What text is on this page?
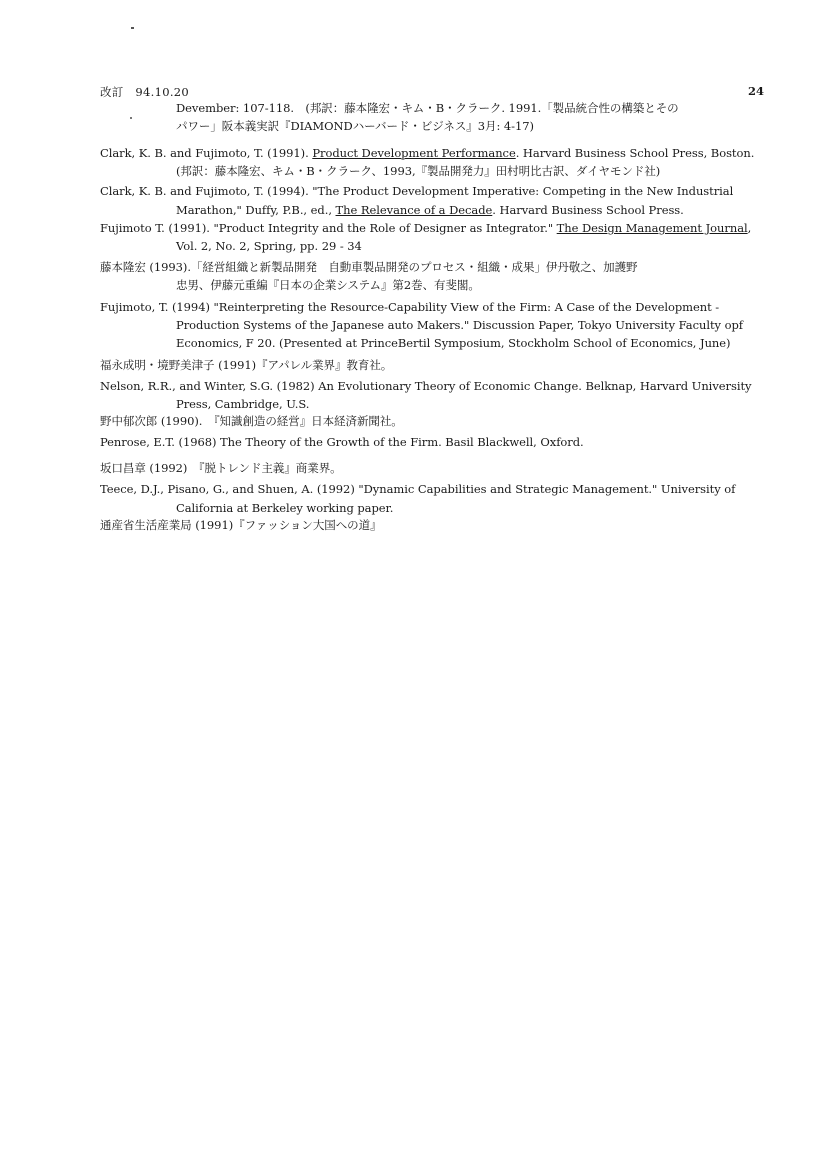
改訂　94.10.20	24
Devember: 107-118.　(邦訳：藤本隆宏・キム・B・クラーク. 1991.「製品統合性の構築とその
パワー」阪本義実訳『DIAMONDハーバード・ビジネス』3月: 4-17)
Clark, K. B. and Fujimoto, T. (1991). Product Development Performance. Harvard Business School Press, Boston.
(邦訳：藤本隆宏、キム・B・クラーク、1993,『製品開発力』田村明比古訳、ダイヤモンド社)
Clark, K. B. and Fujimoto, T. (1994). "The Product Development Imperative: Competing in the New Industrial
Marathon," Duffy, P.B., ed., The Relevance of a Decade. Harvard Business School Press.
Fujimoto T. (1991). "Product Integrity and the Role of Designer as Integrator." The Design Management Journal,
Vol. 2, No. 2, Spring, pp. 29 - 34
藤本隆宏 (1993).「経営組織と新製品開発　自動車製品開発のプロセス・組織・成果」伊丹敬之、加護野
忠男、伊藤元重編『日本の企業システム』第2巻、有斐閣。
Fujimoto, T. (1994) "Reinterpreting the Resource-Capability View of the Firm: A Case of the Development -
Production Systems of the Japanese auto Makers." Discussion Paper, Tokyo University Faculty opf
Economics, F 20. (Presented at PrinceBertil Symposium, Stockholm School of Economics, June)
福永成明・境野美津子 (1991)『アパレル業界』教育社。
Nelson, R.R., and Winter, S.G. (1982) An Evolutionary Theory of Economic Change. Belknap, Harvard University
Press, Cambridge, U.S.
野中郁次郎 (1990).　『知識創造の経営』日本経済新聞社。
Penrose, E.T. (1968) The Theory of the Growth of the Firm. Basil Blackwell, Oxford.
坂口昌章 (1992)　『脱トレンド主義』商業界。
Teece, D.J., Pisano, G., and Shuen, A. (1992) "Dynamic Capabilities and Strategic Management." University of
California at Berkeley working paper.
通産省生活産業局 (1991)『ファッション大国への道』
